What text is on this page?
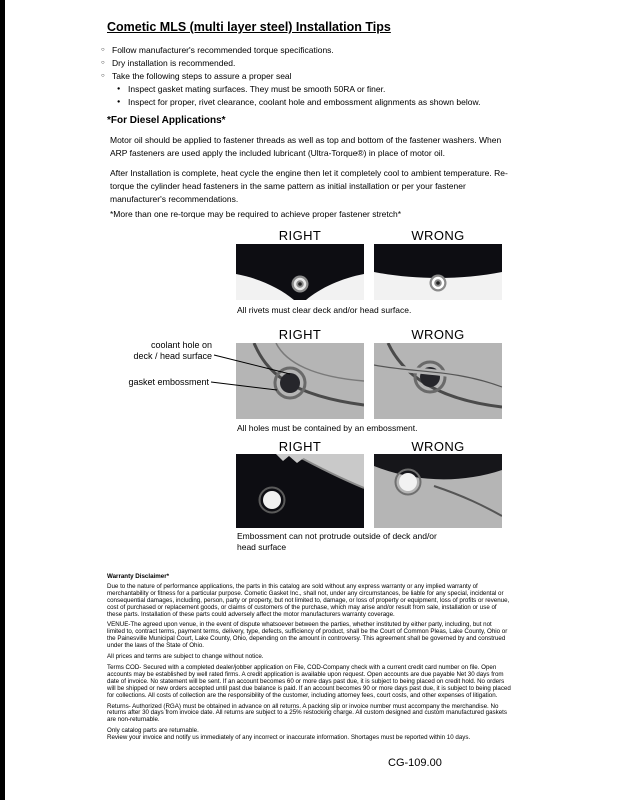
Cometic MLS (multi layer steel) Installation Tips
○ Follow manufacturer's recommended torque specifications.
○ Dry installation is recommended.
○ Take the following steps to assure a proper seal
● Inspect gasket mating surfaces. They must be smooth 50RA or finer.
● Inspect for proper, rivet clearance, coolant hole and embossment alignments as shown below.
*For Diesel Applications*

Motor oil should be applied to fastener threads as well as top and bottom of the fastener washers. When ARP fasteners are used apply the included lubricant (Ultra-Torque®) in place of motor oil.

After Installation is complete, heat cycle the engine then let it completely cool to ambient temperature. Re-torque the cylinder head fasteners in the same pattern as initial installation or per your fastener manufacturer's recommendations.

*More than one re-torque may be required to achieve proper fastener stretch*

RIGHT	WRONG
All rivets must clear deck and/or head surface.
RIGHT	WRONG
coolant hole on
deck / head surface
gasket embossment
All holes must be contained by an embossment.
RIGHT	WRONG
Embossment can not protrude outside of deck and/or head surface
Warranty Disclaimer*

Due to the nature of performance applications, the parts in this catalog are sold without any express warranty or any implied warranty of merchantability or fitness for a particular purpose. Cometic Gasket Inc., shall not, under any circumstances, be liable for any special, incidental or consequential damages, including, person, party or property, but not limited to, damage, or loss of property or equipment, loss of profits or revenue, cost of purchased or replacement goods, or claims of customers of the purchase, which may arise and/or result from sale, installation or use of these parts. Installation of these parts could adversely affect the motor manufacturers warranty coverage.

VENUE-The agreed upon venue, in the event of dispute whatsoever between the parties, whether instituted by either party, including, but not limited to, contract terms, payment terms, delivery, type, defects, sufficiency of product, shall be the Court of Common Pleas, Lake County, Ohio or the Painesville Municipal Court, Lake County, Ohio, depending on the amount in controversy. This agreement shall be governed by and construed under the laws of the State of Ohio.

All prices and terms are subject to change without notice.

Terms COD- Secured with a completed dealer/jobber application on File, COD-Company check with a current credit card number on file. Open accounts may be established by well rated firms. A credit application is available upon request. Open accounts are due payable Net 30 days from date of invoice. No statement will be sent. If an account becomes 60 or more days past due, it is subject to being placed on credit hold. No orders will be shipped or new orders accepted until past due balance is paid. If an account becomes 90 or more days past due, it is subject to being placed for collections. All costs of collection are the responsibility of the customer, including attorney fees, court costs, and other expenses of litigation.

Returns- Authorized (RGA) must be obtained in advance on all returns. A packing slip or invoice number must accompany the merchandise. No returns after 30 days from invoice date. All returns are subject to a 25% restocking charge. All custom designed and custom manufactured gaskets are non-returnable.

Only catalog parts are returnable.

Review your invoice and notify us immediately of any incorrect or inaccurate information. Shortages must be reported within 10 days.

CG-109.00
